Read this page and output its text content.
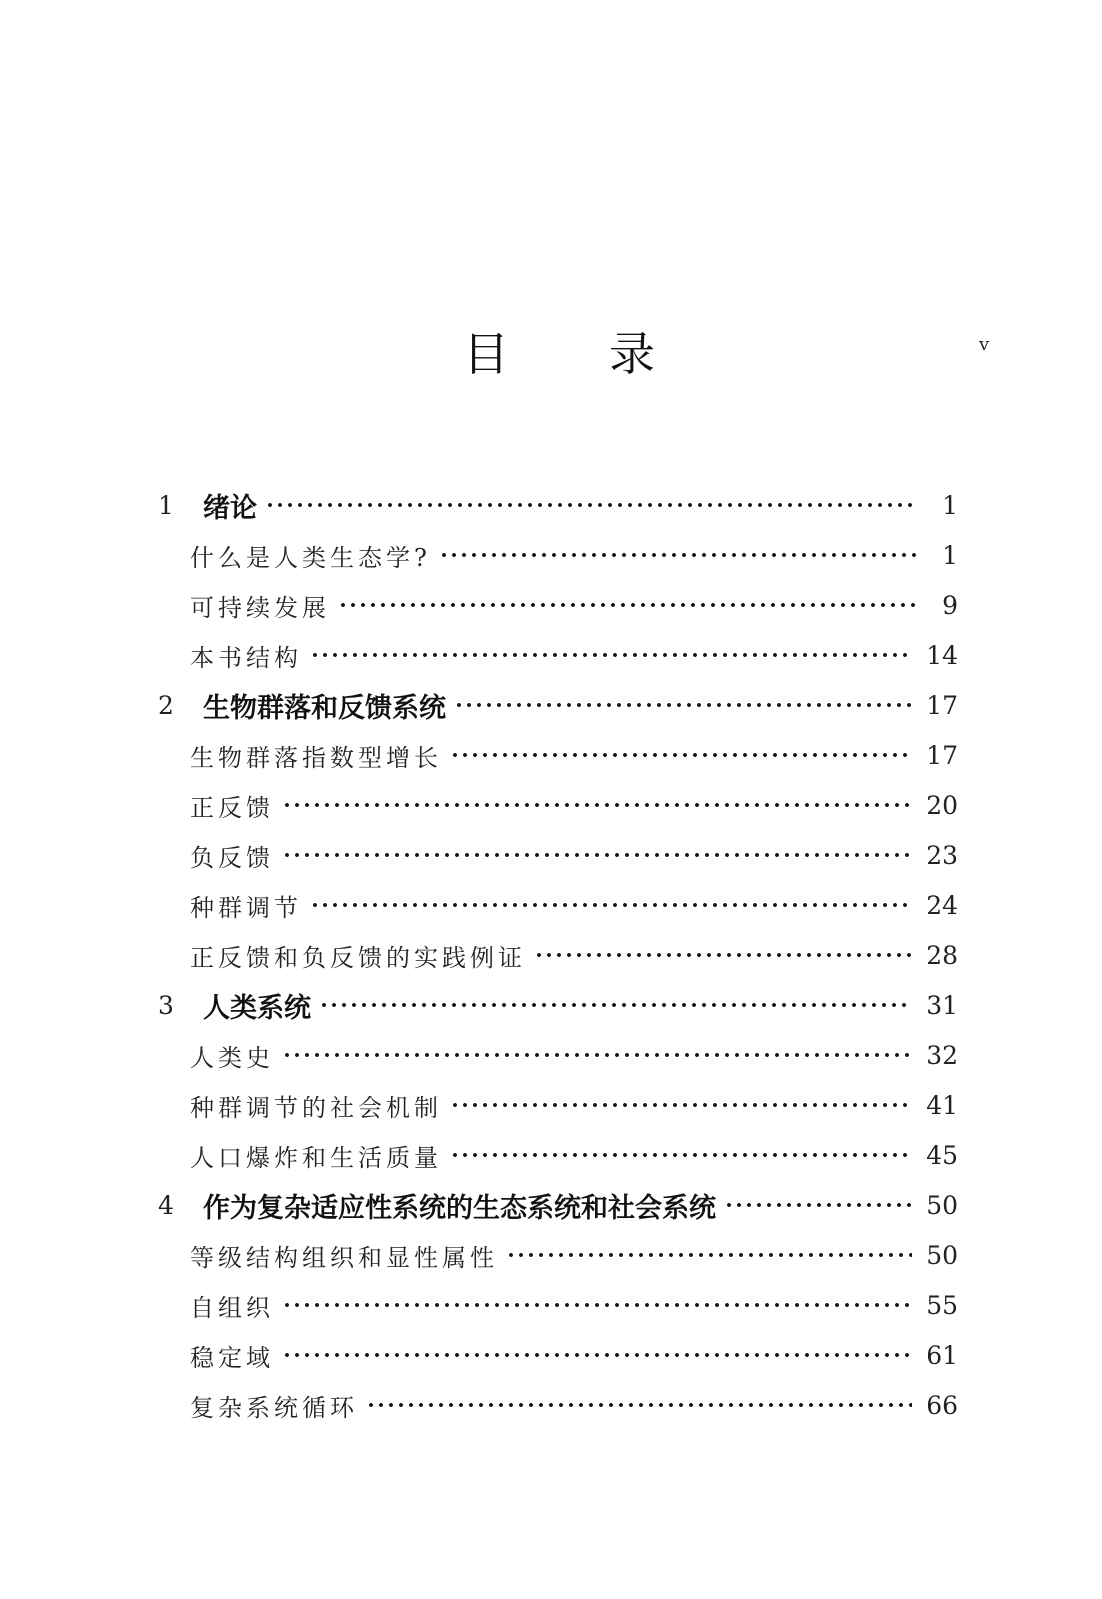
v
目 录
1	绪论	1
什么是人类生态学?	1
可持续发展	9
本书结构	14
2	生物群落和反馈系统	17
生物群落指数型增长	17
正反馈	20
负反馈	23
种群调节	24
正反馈和负反馈的实践例证	28
3	人类系统	31
人类史	32
种群调节的社会机制	41
人口爆炸和生活质量	45
4	作为复杂适应性系统的生态系统和社会系统	50
等级结构组织和显性属性	50
自组织	55
稳定域	61
复杂系统循环	66
